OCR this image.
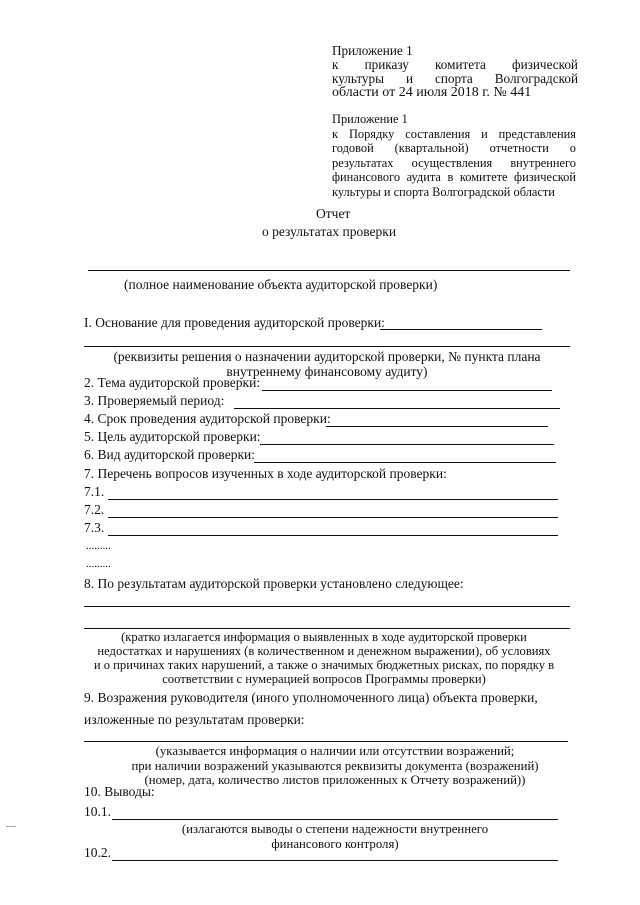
Приложение 1
к приказу комитета физической
культуры и спорта Волгоградской
области от 24 июля 2018 г. № 441
Приложение 1
к Порядку составления и представления
годовой (квартальной) отчетности о
результатах осуществления внутреннего
финансового аудита в комитете физической
культуры и спорта Волгоградской области
Отчет
о результатах проверки
(полное наименование объекта аудиторской проверки)
I. Основание для проведения аудиторской проверки:
(реквизиты решения о назначении аудиторской проверки, № пункта плана
внутреннему финансовому аудиту)
2. Тема аудиторской проверки:
3. Проверяемый период:
4. Срок проведения аудиторской проверки:
5. Цель аудиторской проверки:
6. Вид аудиторской проверки:
7. Перечень вопросов изученных в ходе аудиторской проверки:
7.1.
7.2.
7.3.
.........
.........
8. По результатам аудиторской проверки установлено следующее:
(кратко излагается информация о выявленных в ходе аудиторской проверки
недостатках и нарушениях (в количественном и денежном выражении), об условиях
и о причинах таких нарушений, а также о значимых бюджетных рисках, по порядку в
соответствии с нумерацией вопросов Программы проверки)
9. Возражения руководителя (иного уполномоченного лица) объекта проверки,
изложенные по результатам проверки:
(указывается информация о наличии или отсутствии возражений;
при наличии возражений указываются реквизиты документа (возражений)
(номер, дата, количество листов приложенных к Отчету возражений))
10. Выводы:
10.1.
(излагаются выводы о степени надежности внутреннего
финансового контроля)
10.2.
